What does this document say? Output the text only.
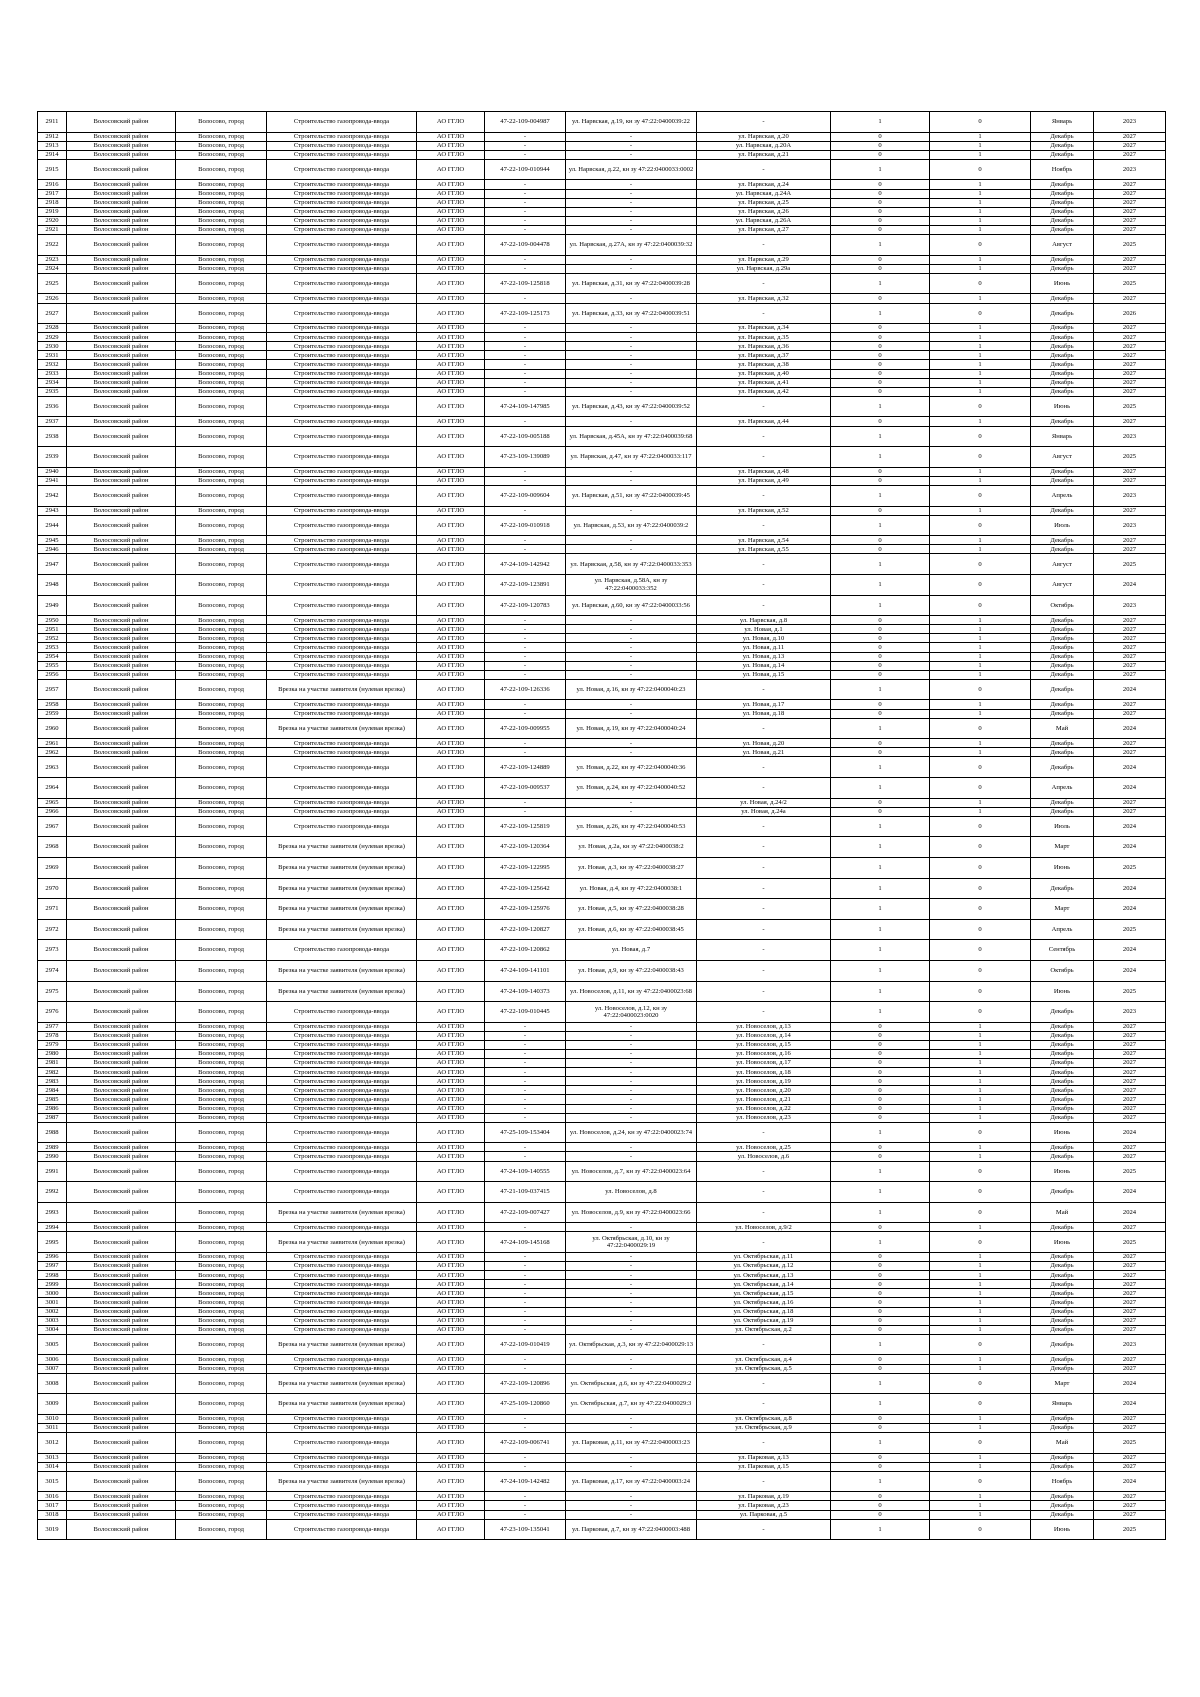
2911	Волосовский район	Волосово, город	Строительство газопровода-ввода	АО ГГЛО	47-22-109-004987	ул. Нарвская, д.19, кн зу 47:22:0400039:22	-	1	0	Январь	2023
2912	Волосовский район	Волосово, город	Строительство газопровода-ввода	АО ГГЛО	-	-	ул. Нарвская, д.20	0	1	Декабрь	2027
2913	Волосовский район	Волосово, город	Строительство газопровода-ввода	АО ГГЛО	-	-	ул. Нарвская, д.20А	0	1	Декабрь	2027
2914	Волосовский район	Волосово, город	Строительство газопровода-ввода	АО ГГЛО	-	-	ул. Нарвская, д.21	0	1	Декабрь	2027
2915	Волосовский район	Волосово, город	Строительство газопровода-ввода	АО ГГЛО	47-22-109-010944	ул. Нарвская, д.22, кн зу 47:22:0400033:0002	-	1	0	Ноябрь	2023
2916	Волосовский район	Волосово, город	Строительство газопровода-ввода	АО ГГЛО	-	-	ул. Нарвская, д.24	0	1	Декабрь	2027
2917	Волосовский район	Волосово, город	Строительство газопровода-ввода	АО ГГЛО	-	-	ул. Нарвская, д.24А	0	1	Декабрь	2027
2918	Волосовский район	Волосово, город	Строительство газопровода-ввода	АО ГГЛО	-	-	ул. Нарвская, д.25	0	1	Декабрь	2027
2919	Волосовский район	Волосово, город	Строительство газопровода-ввода	АО ГГЛО	-	-	ул. Нарвская, д.26	0	1	Декабрь	2027
2920	Волосовский район	Волосово, город	Строительство газопровода-ввода	АО ГГЛО	-	-	ул. Нарвская, д.26А	0	1	Декабрь	2027
2921	Волосовский район	Волосово, город	Строительство газопровода-ввода	АО ГГЛО	-	-	ул. Нарвская, д.27	0	1	Декабрь	2027
2922	Волосовский район	Волосово, город	Строительство газопровода-ввода	АО ГГЛО	47-22-109-004478	ул. Нарвская, д.27А, кн зу 47:22:0400039:32	-	1	0	Август	2025
2923	Волосовский район	Волосово, город	Строительство газопровода-ввода	АО ГГЛО	-	-	ул. Нарвская, д.29	0	1	Декабрь	2027
2924	Волосовский район	Волосово, город	Строительство газопровода-ввода	АО ГГЛО	-	-	ул. Нарвская, д.29а	0	1	Декабрь	2027
2925	Волосовский район	Волосово, город	Строительство газопровода-ввода	АО ГГЛО	47-22-109-125818	ул. Нарвская, д.31, кн зу 47:22:0400039:28	-	1	0	Июнь	2025
2926	Волосовский район	Волосово, город	Строительство газопровода-ввода	АО ГГЛО	-	-	ул. Нарвская, д.32	0	1	Декабрь	2027
2927	Волосовский район	Волосово, город	Строительство газопровода-ввода	АО ГГЛО	47-22-109-125173	ул. Нарвская, д.33, кн зу 47:22:0400039:51	-	1	0	Декабрь	2026
2928	Волосовский район	Волосово, город	Строительство газопровода-ввода	АО ГГЛО	-	-	ул. Нарвская, д.34	0	1	Декабрь	2027
2929	Волосовский район	Волосово, город	Строительство газопровода-ввода	АО ГГЛО	-	-	ул. Нарвская, д.35	0	1	Декабрь	2027
2930	Волосовский район	Волосово, город	Строительство газопровода-ввода	АО ГГЛО	-	-	ул. Нарвская, д.36	0	1	Декабрь	2027
2931	Волосовский район	Волосово, город	Строительство газопровода-ввода	АО ГГЛО	-	-	ул. Нарвская, д.37	0	1	Декабрь	2027
2932	Волосовский район	Волосово, город	Строительство газопровода-ввода	АО ГГЛО	-	-	ул. Нарвская, д.38	0	1	Декабрь	2027
2933	Волосовский район	Волосово, город	Строительство газопровода-ввода	АО ГГЛО	-	-	ул. Нарвская, д.40	0	1	Декабрь	2027
2934	Волосовский район	Волосово, город	Строительство газопровода-ввода	АО ГГЛО	-	-	ул. Нарвская, д.41	0	1	Декабрь	2027
2935	Волосовский район	Волосово, город	Строительство газопровода-ввода	АО ГГЛО	-	-	ул. Нарвская, д.42	0	1	Декабрь	2027
2936	Волосовский район	Волосово, город	Строительство газопровода-ввода	АО ГГЛО	47-24-109-147985	ул. Нарвская, д.43, кн зу 47:22:0400039:52	-	1	0	Июнь	2025
2937	Волосовский район	Волосово, город	Строительство газопровода-ввода	АО ГГЛО	-	-	ул. Нарвская, д.44	0	1	Декабрь	2027
2938	Волосовский район	Волосово, город	Строительство газопровода-ввода	АО ГГЛО	47-22-109-005188	ул. Нарвская, д.45А, кн зу 47:22:0400039:68	-	1	0	Январь	2023
2939	Волосовский район	Волосово, город	Строительство газопровода-ввода	АО ГГЛО	47-23-109-139089	ул. Нарвская, д.47, кн зу 47:22:0400033:117	-	1	0	Август	2025
2940	Волосовский район	Волосово, город	Строительство газопровода-ввода	АО ГГЛО	-	-	ул. Нарвская, д.48	0	1	Декабрь	2027
2941	Волосовский район	Волосово, город	Строительство газопровода-ввода	АО ГГЛО	-	-	ул. Нарвская, д.49	0	1	Декабрь	2027
2942	Волосовский район	Волосово, город	Строительство газопровода-ввода	АО ГГЛО	47-22-109-009604	ул. Нарвская, д.51, кн зу 47:22:0400039:45	-	1	0	Апрель	2023
2943	Волосовский район	Волосово, город	Строительство газопровода-ввода	АО ГГЛО	-	-	ул. Нарвская, д.52	0	1	Декабрь	2027
2944	Волосовский район	Волосово, город	Строительство газопровода-ввода	АО ГГЛО	47-22-109-010918	ул. Нарвская, д.53, кн зу 47:22:0400039:2	-	1	0	Июль	2023
2945	Волосовский район	Волосово, город	Строительство газопровода-ввода	АО ГГЛО	-	-	ул. Нарвская, д.54	0	1	Декабрь	2027
2946	Волосовский район	Волосово, город	Строительство газопровода-ввода	АО ГГЛО	-	-	ул. Нарвская, д.55	0	1	Декабрь	2027
2947	Волосовский район	Волосово, город	Строительство газопровода-ввода	АО ГГЛО	47-24-109-142942	ул. Нарвская, д.58, кн зу 47:22:0400033:353	-	1	0	Август	2025
2948	Волосовский район	Волосово, город	Строительство газопровода-ввода	АО ГГЛО	47-22-109-123891	ул. Нарвская, д.58А, кн зу 47:22:0400033:352	-	1	0	Август	2024
2949	Волосовский район	Волосово, город	Строительство газопровода-ввода	АО ГГЛО	47-22-109-120783	ул. Нарвская, д.60, кн зу 47:22:0400033:56	-	1	0	Октябрь	2023
2950	Волосовский район	Волосово, город	Строительство газопровода-ввода	АО ГГЛО	-	-	ул. Нарвская, д.8	0	1	Декабрь	2027
2951	Волосовский район	Волосово, город	Строительство газопровода-ввода	АО ГГЛО	-	-	ул. Новая, д.1	0	1	Декабрь	2027
2952	Волосовский район	Волосово, город	Строительство газопровода-ввода	АО ГГЛО	-	-	ул. Новая, д.10	0	1	Декабрь	2027
2953	Волосовский район	Волосово, город	Строительство газопровода-ввода	АО ГГЛО	-	-	ул. Новая, д.11	0	1	Декабрь	2027
2954	Волосовский район	Волосово, город	Строительство газопровода-ввода	АО ГГЛО	-	-	ул. Новая, д.13	0	1	Декабрь	2027
2955	Волосовский район	Волосово, город	Строительство газопровода-ввода	АО ГГЛО	-	-	ул. Новая, д.14	0	1	Декабрь	2027
2956	Волосовский район	Волосово, город	Строительство газопровода-ввода	АО ГГЛО	-	-	ул. Новая, д.15	0	1	Декабрь	2027
2957	Волосовский район	Волосово, город	Врезка на участке заявителя (нулевая врезка)	АО ГГЛО	47-22-109-126336	ул. Новая, д.16, кн зу 47:22:0400040:23	-	1	0	Декабрь	2024
2958	Волосовский район	Волосово, город	Строительство газопровода-ввода	АО ГГЛО	-	-	ул. Новая, д.17	0	1	Декабрь	2027
2959	Волосовский район	Волосово, город	Строительство газопровода-ввода	АО ГГЛО	-	-	ул. Новая, д.18	0	1	Декабрь	2027
2960	Волосовский район	Волосово, город	Врезка на участке заявителя (нулевая врезка)	АО ГГЛО	47-22-109-009955	ул. Новая, д.19, кн зу 47:22:0400040:24	-	1	0	Май	2024
2961	Волосовский район	Волосово, город	Строительство газопровода-ввода	АО ГГЛО	-	-	ул. Новая, д.20	0	1	Декабрь	2027
2962	Волосовский район	Волосово, город	Строительство газопровода-ввода	АО ГГЛО	-	-	ул. Новая, д.21	0	1	Декабрь	2027
2963	Волосовский район	Волосово, город	Строительство газопровода-ввода	АО ГГЛО	47-22-109-124889	ул. Новая, д.22, кн зу 47:22:0400040:36	-	1	0	Декабрь	2024
2964	Волосовский район	Волосово, город	Строительство газопровода-ввода	АО ГГЛО	47-22-109-009537	ул. Новая, д.24, кн зу 47:22:0400040:52	-	1	0	Апрель	2024
2965	Волосовский район	Волосово, город	Строительство газопровода-ввода	АО ГГЛО	-	-	ул. Новая, д.24/2	0	1	Декабрь	2027
2966	Волосовский район	Волосово, город	Строительство газопровода-ввода	АО ГГЛО	-	-	ул. Новая, д.24а	0	1	Декабрь	2027
2967	Волосовский район	Волосово, город	Строительство газопровода-ввода	АО ГГЛО	47-22-109-125819	ул. Новая, д.26, кн зу 47:22:0400040:53	-	1	0	Июль	2024
2968	Волосовский район	Волосово, город	Врезка на участке заявителя (нулевая врезка)	АО ГГЛО	47-22-109-120364	ул. Новая, д.2а, кн зу 47:22:0400038:2	-	1	0	Март	2024
2969	Волосовский район	Волосово, город	Врезка на участке заявителя (нулевая врезка)	АО ГГЛО	47-22-109-122995	ул. Новая, д.3, кн зу 47:22:0400038:27	-	1	0	Июнь	2025
2970	Волосовский район	Волосово, город	Врезка на участке заявителя (нулевая врезка)	АО ГГЛО	47-22-109-125642	ул. Новая, д.4, кн зу 47:22:0400038:1	-	1	0	Декабрь	2024
2971	Волосовский район	Волосово, город	Врезка на участке заявителя (нулевая врезка)	АО ГГЛО	47-22-109-125976	ул. Новая, д.5, кн зу 47:22:0400038:28	-	1	0	Март	2024
2972	Волосовский район	Волосово, город	Врезка на участке заявителя (нулевая врезка)	АО ГГЛО	47-22-109-120827	ул. Новая, д.6, кн зу 47:22:0400038:45	-	1	0	Апрель	2025
2973	Волосовский район	Волосово, город	Строительство газопровода-ввода	АО ГГЛО	47-22-109-120862	ул. Новая, д.7	-	1	0	Сентябрь	2024
2974	Волосовский район	Волосово, город	Врезка на участке заявителя (нулевая врезка)	АО ГГЛО	47-24-109-141101	ул. Новая, д.9, кн зу 47:22:0400038:43	-	1	0	Октябрь	2024
2975	Волосовский район	Волосово, город	Врезка на участке заявителя (нулевая врезка)	АО ГГЛО	47-24-109-140373	ул. Новоселов, д.11, кн зу 47:22:0400023:68	-	1	0	Июнь	2025
2976	Волосовский район	Волосово, город	Строительство газопровода-ввода	АО ГГЛО	47-22-109-010445	ул. Новоселов, д.12, кн зу 47:22:0400023:0020	-	1	0	Декабрь	2023
2977	Волосовский район	Волосово, город	Строительство газопровода-ввода	АО ГГЛО	-	-	ул. Новоселов, д.13	0	1	Декабрь	2027
2978	Волосовский район	Волосово, город	Строительство газопровода-ввода	АО ГГЛО	-	-	ул. Новоселов, д.14	0	1	Декабрь	2027
2979	Волосовский район	Волосово, город	Строительство газопровода-ввода	АО ГГЛО	-	-	ул. Новоселов, д.15	0	1	Декабрь	2027
2980	Волосовский район	Волосово, город	Строительство газопровода-ввода	АО ГГЛО	-	-	ул. Новоселов, д.16	0	1	Декабрь	2027
2981	Волосовский район	Волосово, город	Строительство газопровода-ввода	АО ГГЛО	-	-	ул. Новоселов, д.17	0	1	Декабрь	2027
2982	Волосовский район	Волосово, город	Строительство газопровода-ввода	АО ГГЛО	-	-	ул. Новоселов, д.18	0	1	Декабрь	2027
2983	Волосовский район	Волосово, город	Строительство газопровода-ввода	АО ГГЛО	-	-	ул. Новоселов, д.19	0	1	Декабрь	2027
2984	Волосовский район	Волосово, город	Строительство газопровода-ввода	АО ГГЛО	-	-	ул. Новоселов, д.20	0	1	Декабрь	2027
2985	Волосовский район	Волосово, город	Строительство газопровода-ввода	АО ГГЛО	-	-	ул. Новоселов, д.21	0	1	Декабрь	2027
2986	Волосовский район	Волосово, город	Строительство газопровода-ввода	АО ГГЛО	-	-	ул. Новоселов, д.22	0	1	Декабрь	2027
2987	Волосовский район	Волосово, город	Строительство газопровода-ввода	АО ГГЛО	-	-	ул. Новоселов, д.23	0	1	Декабрь	2027
2988	Волосовский район	Волосово, город	Строительство газопровода-ввода	АО ГГЛО	47-25-109-153404	ул. Новоселов, д.24, кн зу 47:22:0400023:74	-	1	0	Июнь	2024
2989	Волосовский район	Волосово, город	Строительство газопровода-ввода	АО ГГЛО	-	-	ул. Новоселов, д.25	0	1	Декабрь	2027
2990	Волосовский район	Волосово, город	Строительство газопровода-ввода	АО ГГЛО	-	-	ул. Новоселов, д.6	0	1	Декабрь	2027
2991	Волосовский район	Волосово, город	Строительство газопровода-ввода	АО ГГЛО	47-24-109-140555	ул. Новоселов, д.7, кн зу 47:22:0400023:64	-	1	0	Июнь	2025
2992	Волосовский район	Волосово, город	Строительство газопровода-ввода	АО ГГЛО	47-21-109-037415	ул. Новоселов, д.8	-	1	0	Декабрь	2024
2993	Волосовский район	Волосово, город	Врезка на участке заявителя (нулевая врезка)	АО ГГЛО	47-22-109-007427	ул. Новоселов, д.9, кн зу 47:22:0400023:66	-	1	0	Май	2024
2994	Волосовский район	Волосово, город	Строительство газопровода-ввода	АО ГГЛО	-	-	ул. Новоселов, д.9/2	0	1	Декабрь	2027
2995	Волосовский район	Волосово, город	Врезка на участке заявителя (нулевая врезка)	АО ГГЛО	47-24-109-145168	ул. Октябрьская, д.10, кн зу 47:22:0400029:19	-	1	0	Июнь	2025
2996	Волосовский район	Волосово, город	Строительство газопровода-ввода	АО ГГЛО	-	-	ул. Октябрьская, д.11	0	1	Декабрь	2027
2997	Волосовский район	Волосово, город	Строительство газопровода-ввода	АО ГГЛО	-	-	ул. Октябрьская, д.12	0	1	Декабрь	2027
2998	Волосовский район	Волосово, город	Строительство газопровода-ввода	АО ГГЛО	-	-	ул. Октябрьская, д.13	0	1	Декабрь	2027
2999	Волосовский район	Волосово, город	Строительство газопровода-ввода	АО ГГЛО	-	-	ул. Октябрьская, д.14	0	1	Декабрь	2027
3000	Волосовский район	Волосово, город	Строительство газопровода-ввода	АО ГГЛО	-	-	ул. Октябрьская, д.15	0	1	Декабрь	2027
3001	Волосовский район	Волосово, город	Строительство газопровода-ввода	АО ГГЛО	-	-	ул. Октябрьская, д.16	0	1	Декабрь	2027
3002	Волосовский район	Волосово, город	Строительство газопровода-ввода	АО ГГЛО	-	-	ул. Октябрьская, д.18	0	1	Декабрь	2027
3003	Волосовский район	Волосово, город	Строительство газопровода-ввода	АО ГГЛО	-	-	ул. Октябрьская, д.19	0	1	Декабрь	2027
3004	Волосовский район	Волосово, город	Строительство газопровода-ввода	АО ГГЛО	-	-	ул. Октябрьская, д.2	0	1	Декабрь	2027
3005	Волосовский район	Волосово, город	Врезка на участке заявителя (нулевая врезка)	АО ГГЛО	47-22-109-010419	ул. Октябрьская, д.3, кн зу 47:22:0400029:13	-	1	0	Декабрь	2023
3006	Волосовский район	Волосово, город	Строительство газопровода-ввода	АО ГГЛО	-	-	ул. Октябрьская, д.4	0	1	Декабрь	2027
3007	Волосовский район	Волосово, город	Строительство газопровода-ввода	АО ГГЛО	-	-	ул. Октябрьская, д.5	0	1	Декабрь	2027
3008	Волосовский район	Волосово, город	Врезка на участке заявителя (нулевая врезка)	АО ГГЛО	47-22-109-120896	ул. Октябрьская, д.6, кн зу 47:22:0400029:2	-	1	0	Март	2024
3009	Волосовский район	Волосово, город	Врезка на участке заявителя (нулевая врезка)	АО ГГЛО	47-25-109-120860	ул. Октябрьская, д.7, кн зу 47:22:0400029:3	-	1	0	Январь	2024
3010	Волосовский район	Волосово, город	Строительство газопровода-ввода	АО ГГЛО	-	-	ул. Октябрьская, д.8	0	1	Декабрь	2027
3011	Волосовский район	Волосово, город	Строительство газопровода-ввода	АО ГГЛО	-	-	ул. Октябрьская, д.9	0	1	Декабрь	2027
3012	Волосовский район	Волосово, город	Строительство газопровода-ввода	АО ГГЛО	47-22-109-006741	ул. Парковая, д.11, кн зу 47:22:0400003:23	-	1	0	Май	2025
3013	Волосовский район	Волосово, город	Строительство газопровода-ввода	АО ГГЛО	-	-	ул. Парковая, д.13	0	1	Декабрь	2027
3014	Волосовский район	Волосово, город	Строительство газопровода-ввода	АО ГГЛО	-	-	ул. Парковая, д.15	0	1	Декабрь	2027
3015	Волосовский район	Волосово, город	Врезка на участке заявителя (нулевая врезка)	АО ГГЛО	47-24-109-142482	ул. Парковая, д.17, кн зу 47:22:0400003:24	-	1	0	Ноябрь	2024
3016	Волосовский район	Волосово, город	Строительство газопровода-ввода	АО ГГЛО	-	-	ул. Парковая, д.19	0	1	Декабрь	2027
3017	Волосовский район	Волосово, город	Строительство газопровода-ввода	АО ГГЛО	-	-	ул. Парковая, д.23	0	1	Декабрь	2027
3018	Волосовский район	Волосово, город	Строительство газопровода-ввода	АО ГГЛО	-	-	ул. Парковая, д.5	0	1	Декабрь	2027
3019	Волосовский район	Волосово, город	Строительство газопровода-ввода	АО ГГЛО	47-23-109-135041	ул. Парковая, д.7, кн зу 47:22:0400003:488	-	1	0	Июнь	2025
